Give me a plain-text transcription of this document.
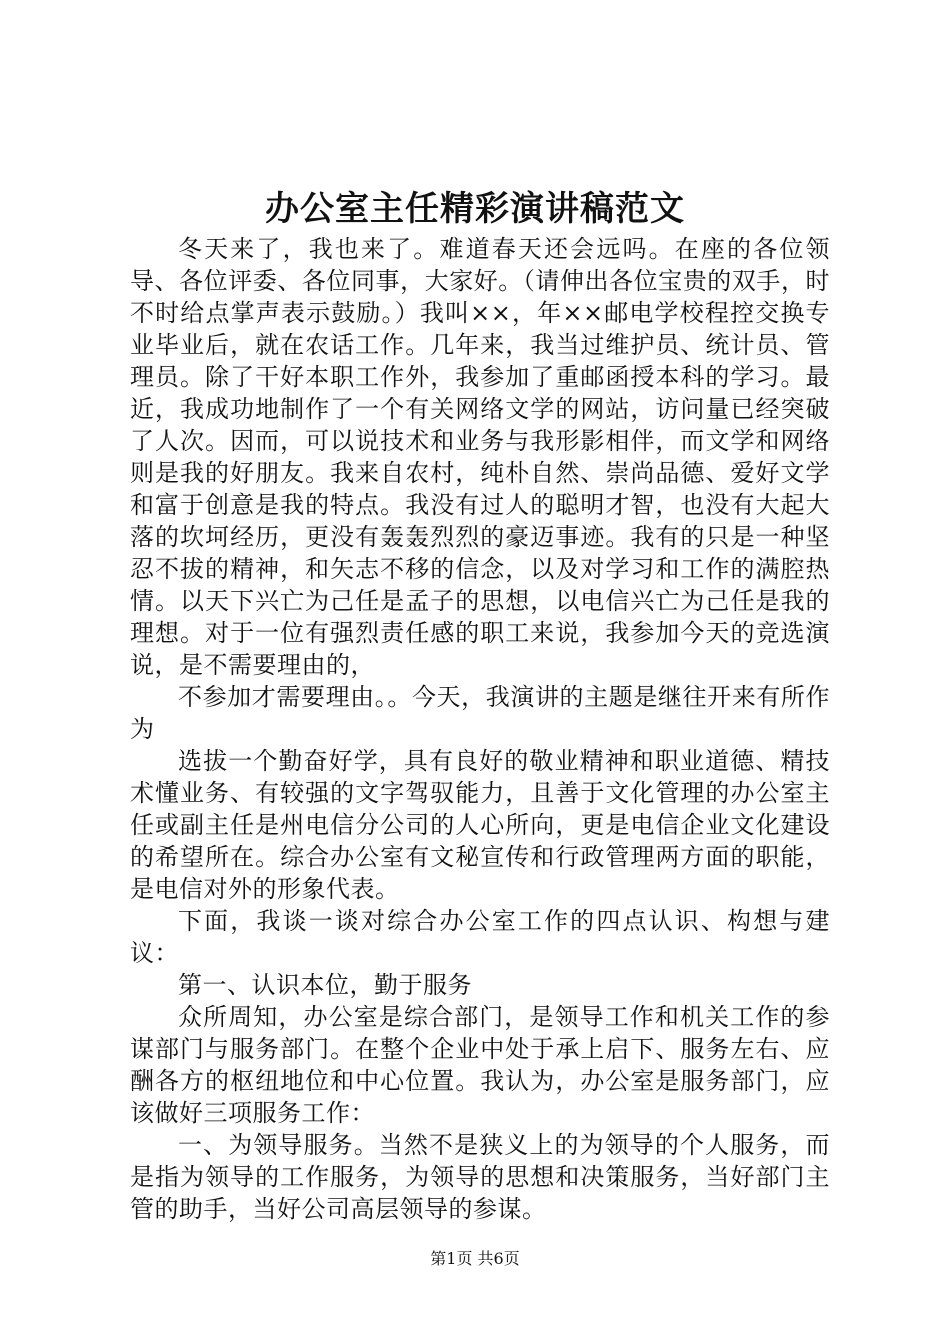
办公室主任精彩演讲稿范文

冬天来了，我也来了。难道春天还会远吗。在座的各位领导、各位评委、各位同事，大家好。（请伸出各位宝贵的双手，时不时给点掌声表示鼓励。）我叫××，年××邮电学校程控交换专业毕业后，就在农话工作。几年来，我当过维护员、统计员、管理员。除了干好本职工作外，我参加了重邮函授本科的学习。最近，我成功地制作了一个有关网络文学的网站，访问量已经突破了人次。因而，可以说技术和业务与我形影相伴，而文学和网络则是我的好朋友。我来自农村，纯朴自然、崇尚品德、爱好文学和富于创意是我的特点。我没有过人的聪明才智，也没有大起大落的坎坷经历，更没有轰轰烈烈的豪迈事迹。我有的只是一种坚忍不拔的精神，和矢志不移的信念，以及对学习和工作的满腔热情。以天下兴亡为己任是孟子的思想，以电信兴亡为己任是我的理想。对于一位有强烈责任感的职工来说，我参加今天的竞选演说，是不需要理由的，

不参加才需要理由。。今天，我演讲的主题是继往开来有所作为

选拔一个勤奋好学，具有良好的敬业精神和职业道德、精技术懂业务、有较强的文字驾驭能力，且善于文化管理的办公室主任或副主任是州电信分公司的人心所向，更是电信企业文化建设的希望所在。综合办公室有文秘宣传和行政管理两方面的职能，是电信对外的形象代表。

下面，我谈一谈对综合办公室工作的四点认识、构想与建议：

第一、认识本位，勤于服务

众所周知，办公室是综合部门，是领导工作和机关工作的参谋部门与服务部门。在整个企业中处于承上启下、服务左右、应酬各方的枢纽地位和中心位置。我认为，办公室是服务部门，应该做好三项服务工作：

一、为领导服务。当然不是狭义上的为领导的个人服务，而是指为领导的工作服务，为领导的思想和决策服务，当好部门主管的助手，当好公司高层领导的参谋。

第1页 共6页
